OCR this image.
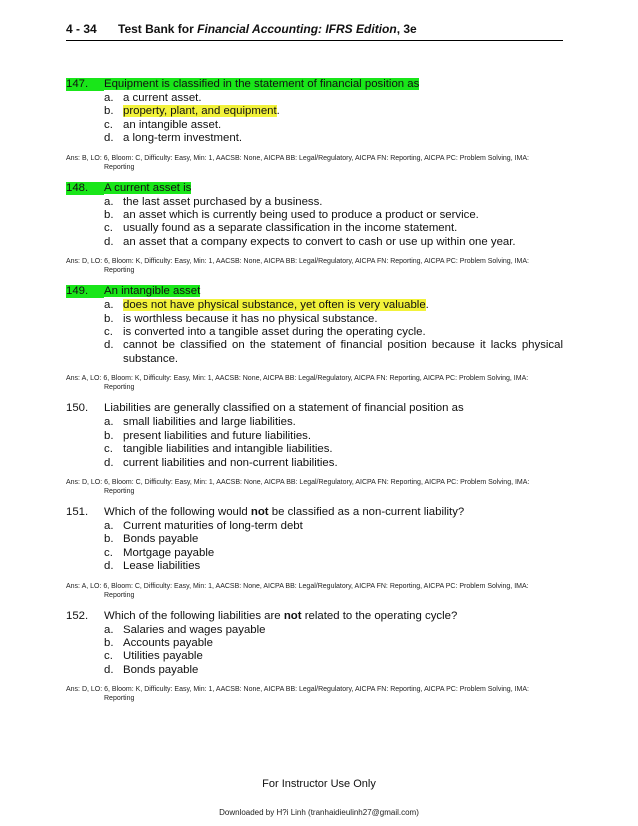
4 - 34 Test Bank for Financial Accounting: IFRS Edition, 3e
147.	Equipment is classified in the statement of financial position as
a. a current asset.
b. property, plant, and equipment.
c. an intangible asset.
d. a long-term investment.
Ans: B, LO: 6, Bloom: C, Difficulty: Easy, Min: 1, AACSB: None, AICPA BB: Legal/Regulatory, AICPA FN: Reporting, AICPA PC: Problem Solving, IMA:
Reporting
148.	A current asset is
a. the last asset purchased by a business.
b. an asset which is currently being used to produce a product or service.
c. usually found as a separate classification in the income statement.
d. an asset that a company expects to convert to cash or use up within one year.
Ans: D, LO: 6, Bloom: K, Difficulty: Easy, Min: 1, AACSB: None, AICPA BB: Legal/Regulatory, AICPA FN: Reporting, AICPA PC: Problem Solving, IMA:
Reporting
149.	An intangible asset
a. does not have physical substance, yet often is very valuable.
b. is worthless because it has no physical substance.
c. is converted into a tangible asset during the operating cycle.
d. cannot be classified on the statement of financial position because it lacks physical substance.
Ans: A, LO: 6, Bloom: K, Difficulty: Easy, Min: 1, AACSB: None, AICPA BB: Legal/Regulatory, AICPA FN: Reporting, AICPA PC: Problem Solving, IMA:
Reporting
150.	Liabilities are generally classified on a statement of financial position as
a. small liabilities and large liabilities.
b. present liabilities and future liabilities.
c. tangible liabilities and intangible liabilities.
d. current liabilities and non-current liabilities.
Ans: D, LO: 6, Bloom: C, Difficulty: Easy, Min: 1, AACSB: None, AICPA BB: Legal/Regulatory, AICPA FN: Reporting, AICPA PC: Problem Solving, IMA:
Reporting
151.	Which of the following would not be classified as a non-current liability?
a. Current maturities of long-term debt
b. Bonds payable
c. Mortgage payable
d. Lease liabilities
Ans: A, LO: 6, Bloom: C, Difficulty: Easy, Min: 1, AACSB: None, AICPA BB: Legal/Regulatory, AICPA FN: Reporting, AICPA PC: Problem Solving, IMA:
Reporting
152.	Which of the following liabilities are not related to the operating cycle?
a. Salaries and wages payable
b. Accounts payable
c. Utilities payable
d. Bonds payable
Ans: D, LO: 6, Bloom: K, Difficulty: Easy, Min: 1, AACSB: None, AICPA BB: Legal/Regulatory, AICPA FN: Reporting, AICPA PC: Problem Solving, IMA:
Reporting
For Instructor Use Only
Downloaded by H?i Linh (tranhaidieulinh27@gmail.com)
